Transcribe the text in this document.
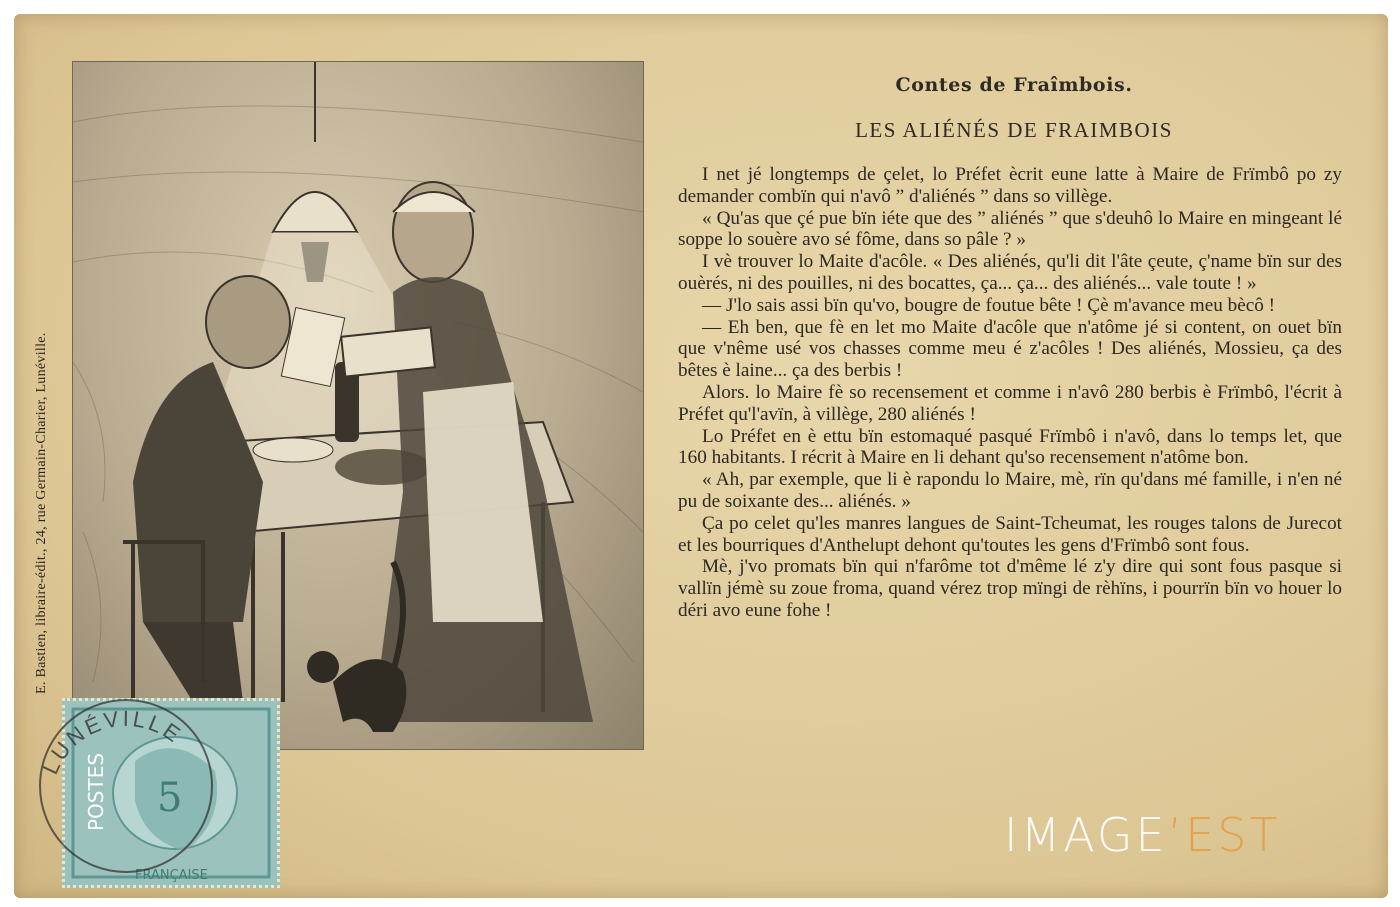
E. Bastien, libraire-édit., 24, rue Germain-Charier, Lunéville.
Contes de Fraîmbois.
LES ALIÉNÉS DE FRAIMBOIS

I net jé longtemps de çelet, lo Préfet ècrit eune latte à Maire de Frïmbô po zy demander combïn qui n'avô ” d'aliénés ” dans so villège.

« Qu'as que çé pue bïn iéte que des ” aliénés ” que s'deuhô lo Maire en mingeant lé soppe lo souère avo sé fôme, dans so pâle ? »

I vè trouver lo Maite d'acôle. « Des aliénés, qu'li dit l'âte çeute, ç'name bïn sur des ouèrés, ni des pouilles, ni des bocattes, ça... ça... des aliénés... vale toute ! »

— J'lo sais assi bïn qu'vo, bougre de foutue bête ! Çè m'avance meu bècô !

— Eh ben, que fè en let mo Maite d'acôle que n'atôme jé si content, on ouet bïn que v'nême usé vos chasses comme meu é z'acôles ! Des aliénés, Mossieu, ça des bêtes è laine... ça des berbis !

Alors. lo Maire fè so recensement et comme i n'avô 280 berbis è Frïmbô, l'écrit à Préfet qu'l'avïn, à villège, 280 aliénés !

Lo Préfet en è ettu bïn estomaqué pasqué Frïmbô i n'avô, dans lo temps let, que 160 habitants. I récrit à Maire en li dehant qu'so recensement n'atôme bon.

« Ah, par exemple, que li è rapondu lo Maire, mè, rïn qu'dans mé famille, i n'en né pu de soixante des... aliénés. »

Ça po celet qu'les manres langues de Saint-Tcheumat, les rouges talons de Jurecot et les bourriques d'Anthelupt dehont qu'toutes les gens d'Frïmbô sont fous.

Mè, j'vo promats bïn qui n'farôme tot d'même lé z'y dire qui sont fous pasque si vallïn jémè su zoue froma, quand vérez trop mïngi de rèhïns, i pourrïn bïn vo houer lo déri avo eune fohe !

POSTES 5
FRANÇAISE
LUNÉVILLE
IMAGE’EST
